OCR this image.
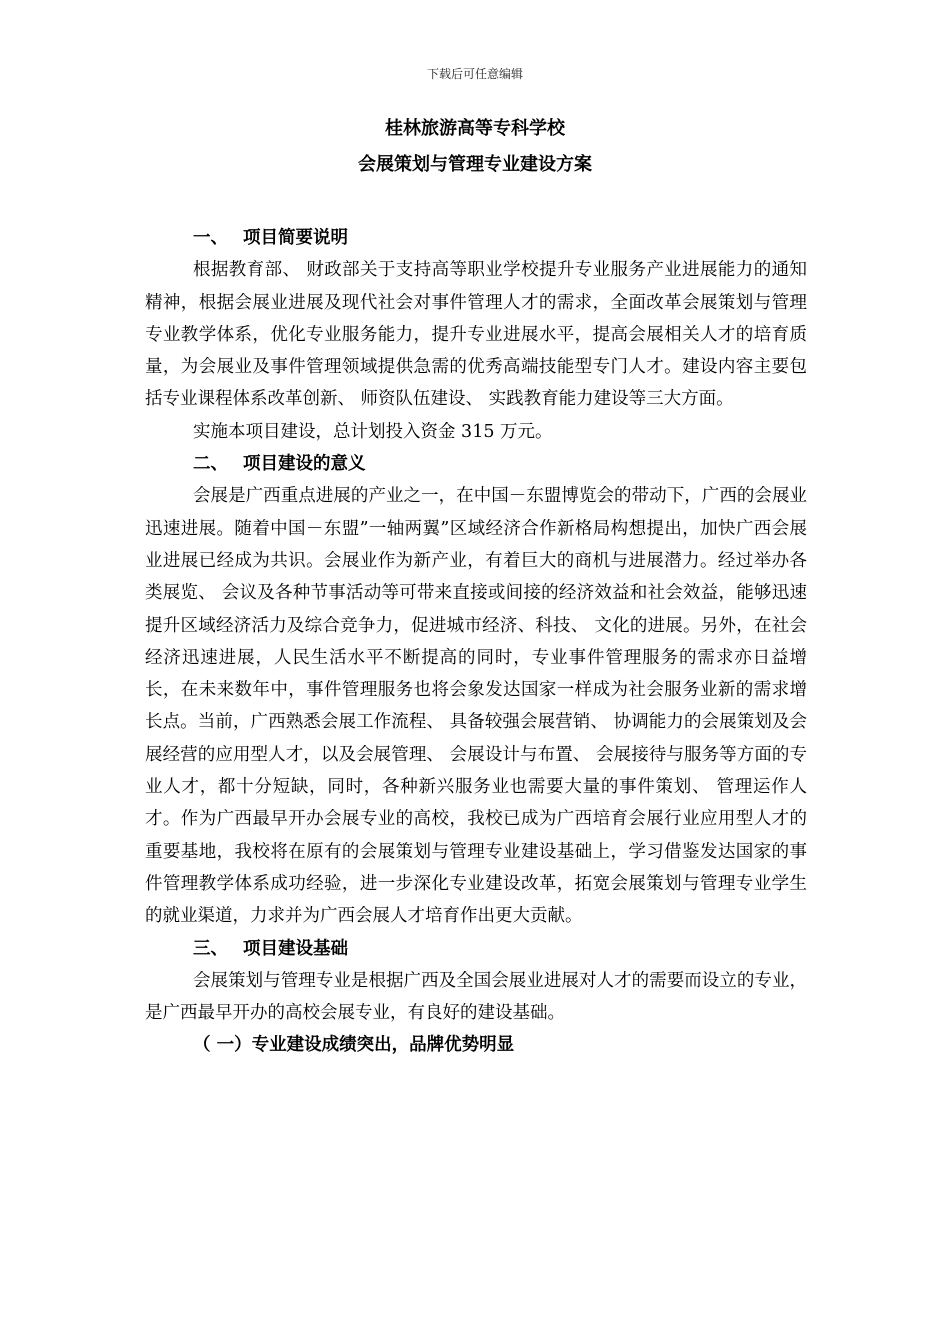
下载后可任意编辑
桂林旅游高等专科学校
会展策划与管理专业建设方案

一、 项目简要说明

根据教育部、 财政部关于支持高等职业学校提升专业服务产业进展能力的通知精神，根据会展业进展及现代社会对事件管理人才的需求，全面改革会展策划与管理专业教学体系，优化专业服务能力，提升专业进展水平，提高会展相关人才的培育质量，为会展业及事件管理领域提供急需的优秀高端技能型专门人才。建设内容主要包括专业课程体系改革创新、 师资队伍建设、 实践教育能力建设等三大方面。

实施本项目建设，总计划投入资金 315 万元。

二、 项目建设的意义

会展是广西重点进展的产业之一，在中国－东盟博览会的带动下，广西的会展业迅速进展。随着中国－东盟”一轴两翼”区域经济合作新格局构想提出，加快广西会展业进展已经成为共识。会展业作为新产业，有着巨大的商机与进展潜力。经过举办各类展览、 会议及各种节事活动等可带来直接或间接的经济效益和社会效益，能够迅速提升区域经济活力及综合竞争力，促进城市经济、科技、 文化的进展。另外，在社会经济迅速进展，人民生活水平不断提高的同时，专业事件管理服务的需求亦日益增长，在未来数年中，事件管理服务也将会象发达国家一样成为社会服务业新的需求增长点。当前，广西熟悉会展工作流程、 具备较强会展营销、 协调能力的会展策划及会展经营的应用型人才，以及会展管理、 会展设计与布置、 会展接待与服务等方面的专业人才，都十分短缺，同时，各种新兴服务业也需要大量的事件策划、 管理运作人才。作为广西最早开办会展专业的高校，我校已成为广西培育会展行业应用型人才的重要基地，我校将在原有的会展策划与管理专业建设基础上，学习借鉴发达国家的事件管理教学体系成功经验，进一步深化专业建设改革，拓宽会展策划与管理专业学生的就业渠道，力求并为广西会展人才培育作出更大贡献。

三、 项目建设基础

会展策划与管理专业是根据广西及全国会展业进展对人才的需要而设立的专业，是广西最早开办的高校会展专业，有良好的建设基础。

（ 一）专业建设成绩突出，品牌优势明显
